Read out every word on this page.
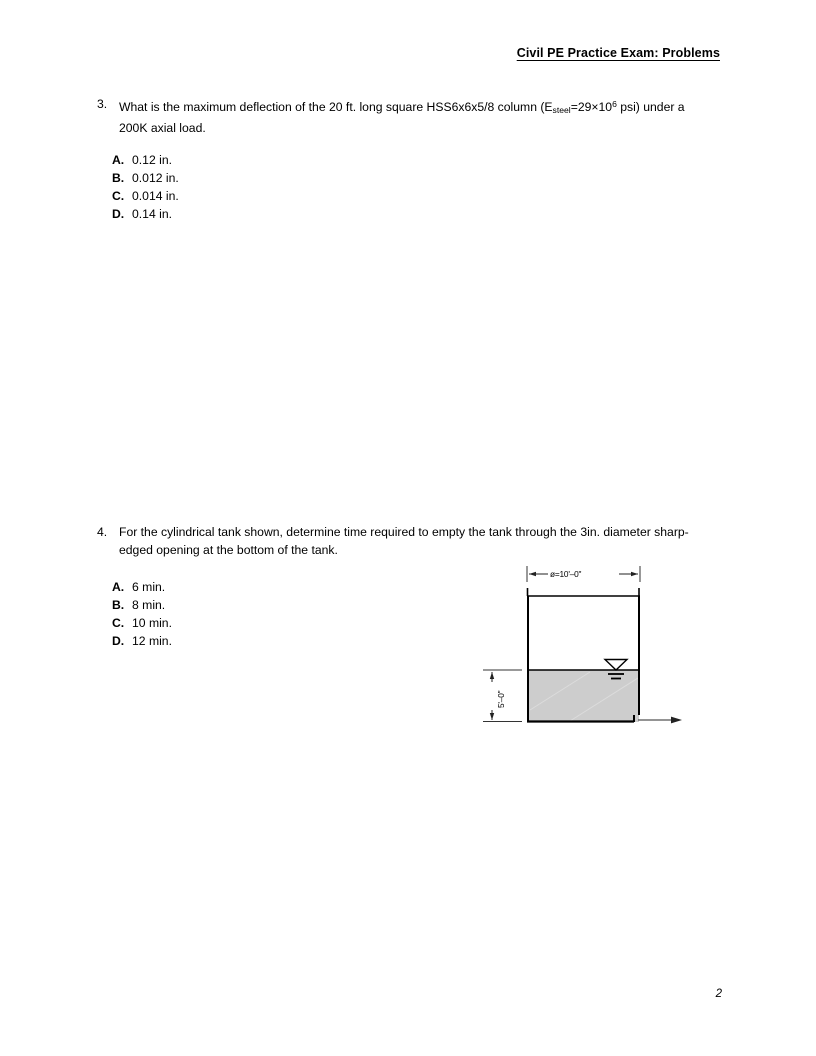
Civil PE Practice Exam: Problems
3. What is the maximum deflection of the 20 ft. long square HSS6x6x5/8 column ($E_{steel}=29\times 10^6$ psi) under a 200K axial load.
A. 0.12 in.
B. 0.012 in.
C. 0.014 in.
D. 0.14 in.
4. For the cylindrical tank shown, determine time required to empty the tank through the 3in. diameter sharp-edged opening at the bottom of the tank.
A. 6 min.
B. 8 min.
C. 10 min.
D. 12 min.
ø=10'–0"
5'–0"
2
